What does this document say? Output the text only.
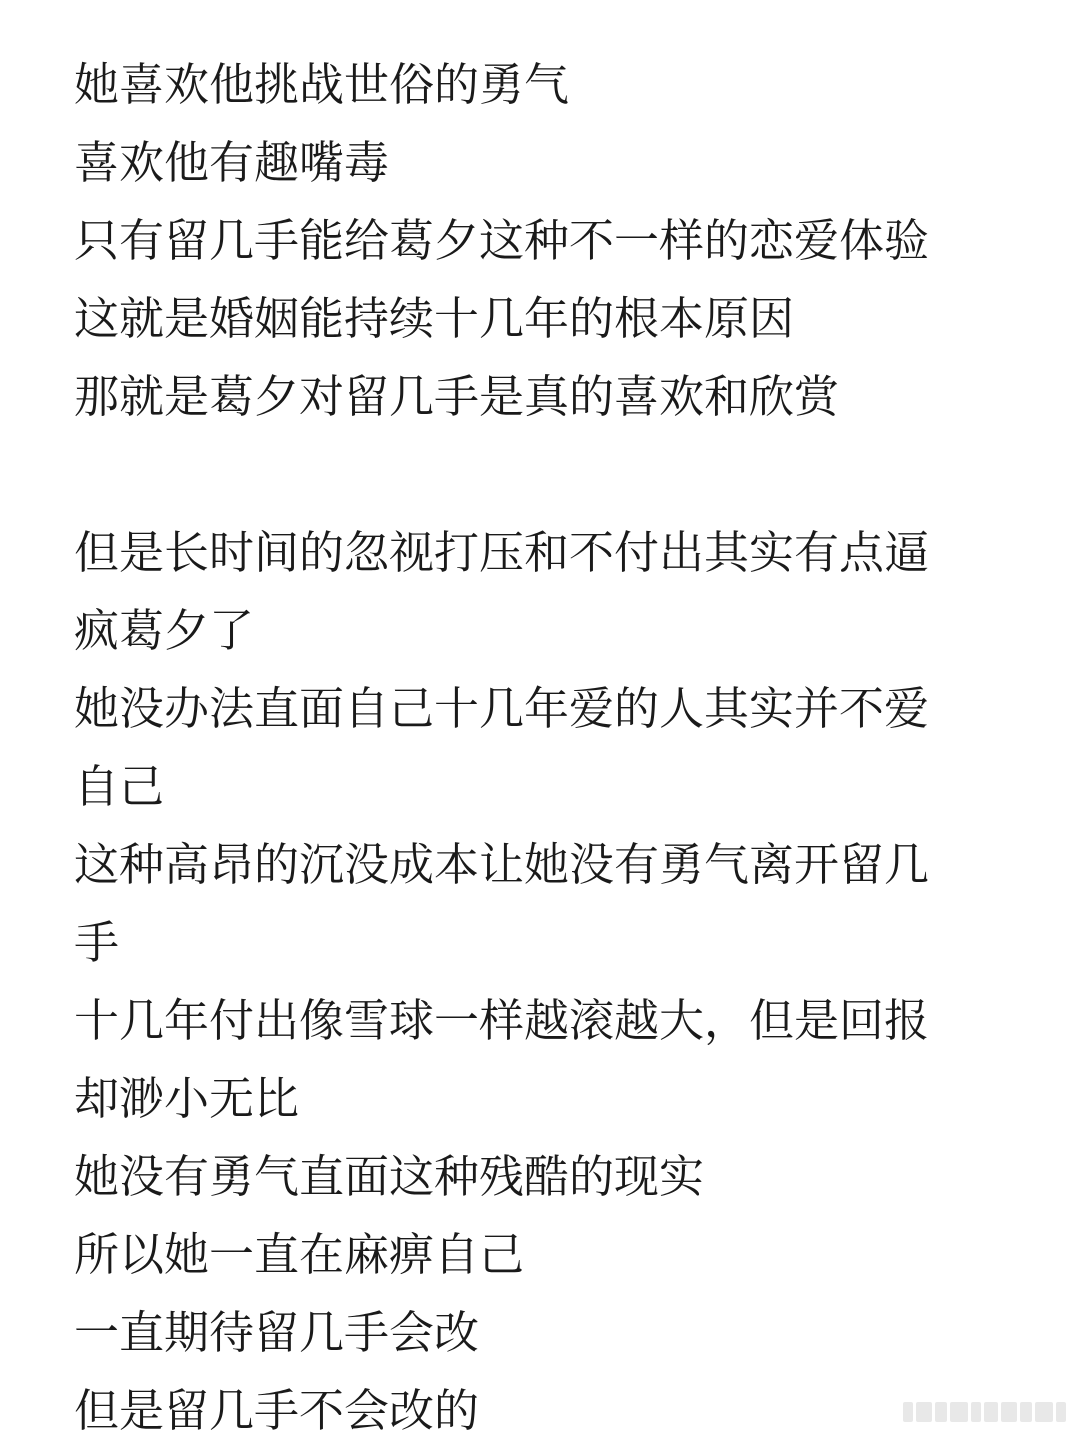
她喜欢他挑战世俗的勇气
喜欢他有趣嘴毒
只有留几手能给葛夕这种不一样的恋爱体验
这就是婚姻能持续十几年的根本原因
那就是葛夕对留几手是真的喜欢和欣赏
但是长时间的忽视打压和不付出其实有点逼
疯葛夕了
她没办法直面自己十几年爱的人其实并不爱
自己
这种高昂的沉没成本让她没有勇气离开留几
手
十几年付出像雪球一样越滚越大，但是回报
却渺小无比
她没有勇气直面这种残酷的现实
所以她一直在麻痹自己
一直期待留几手会改
但是留几手不会改的
